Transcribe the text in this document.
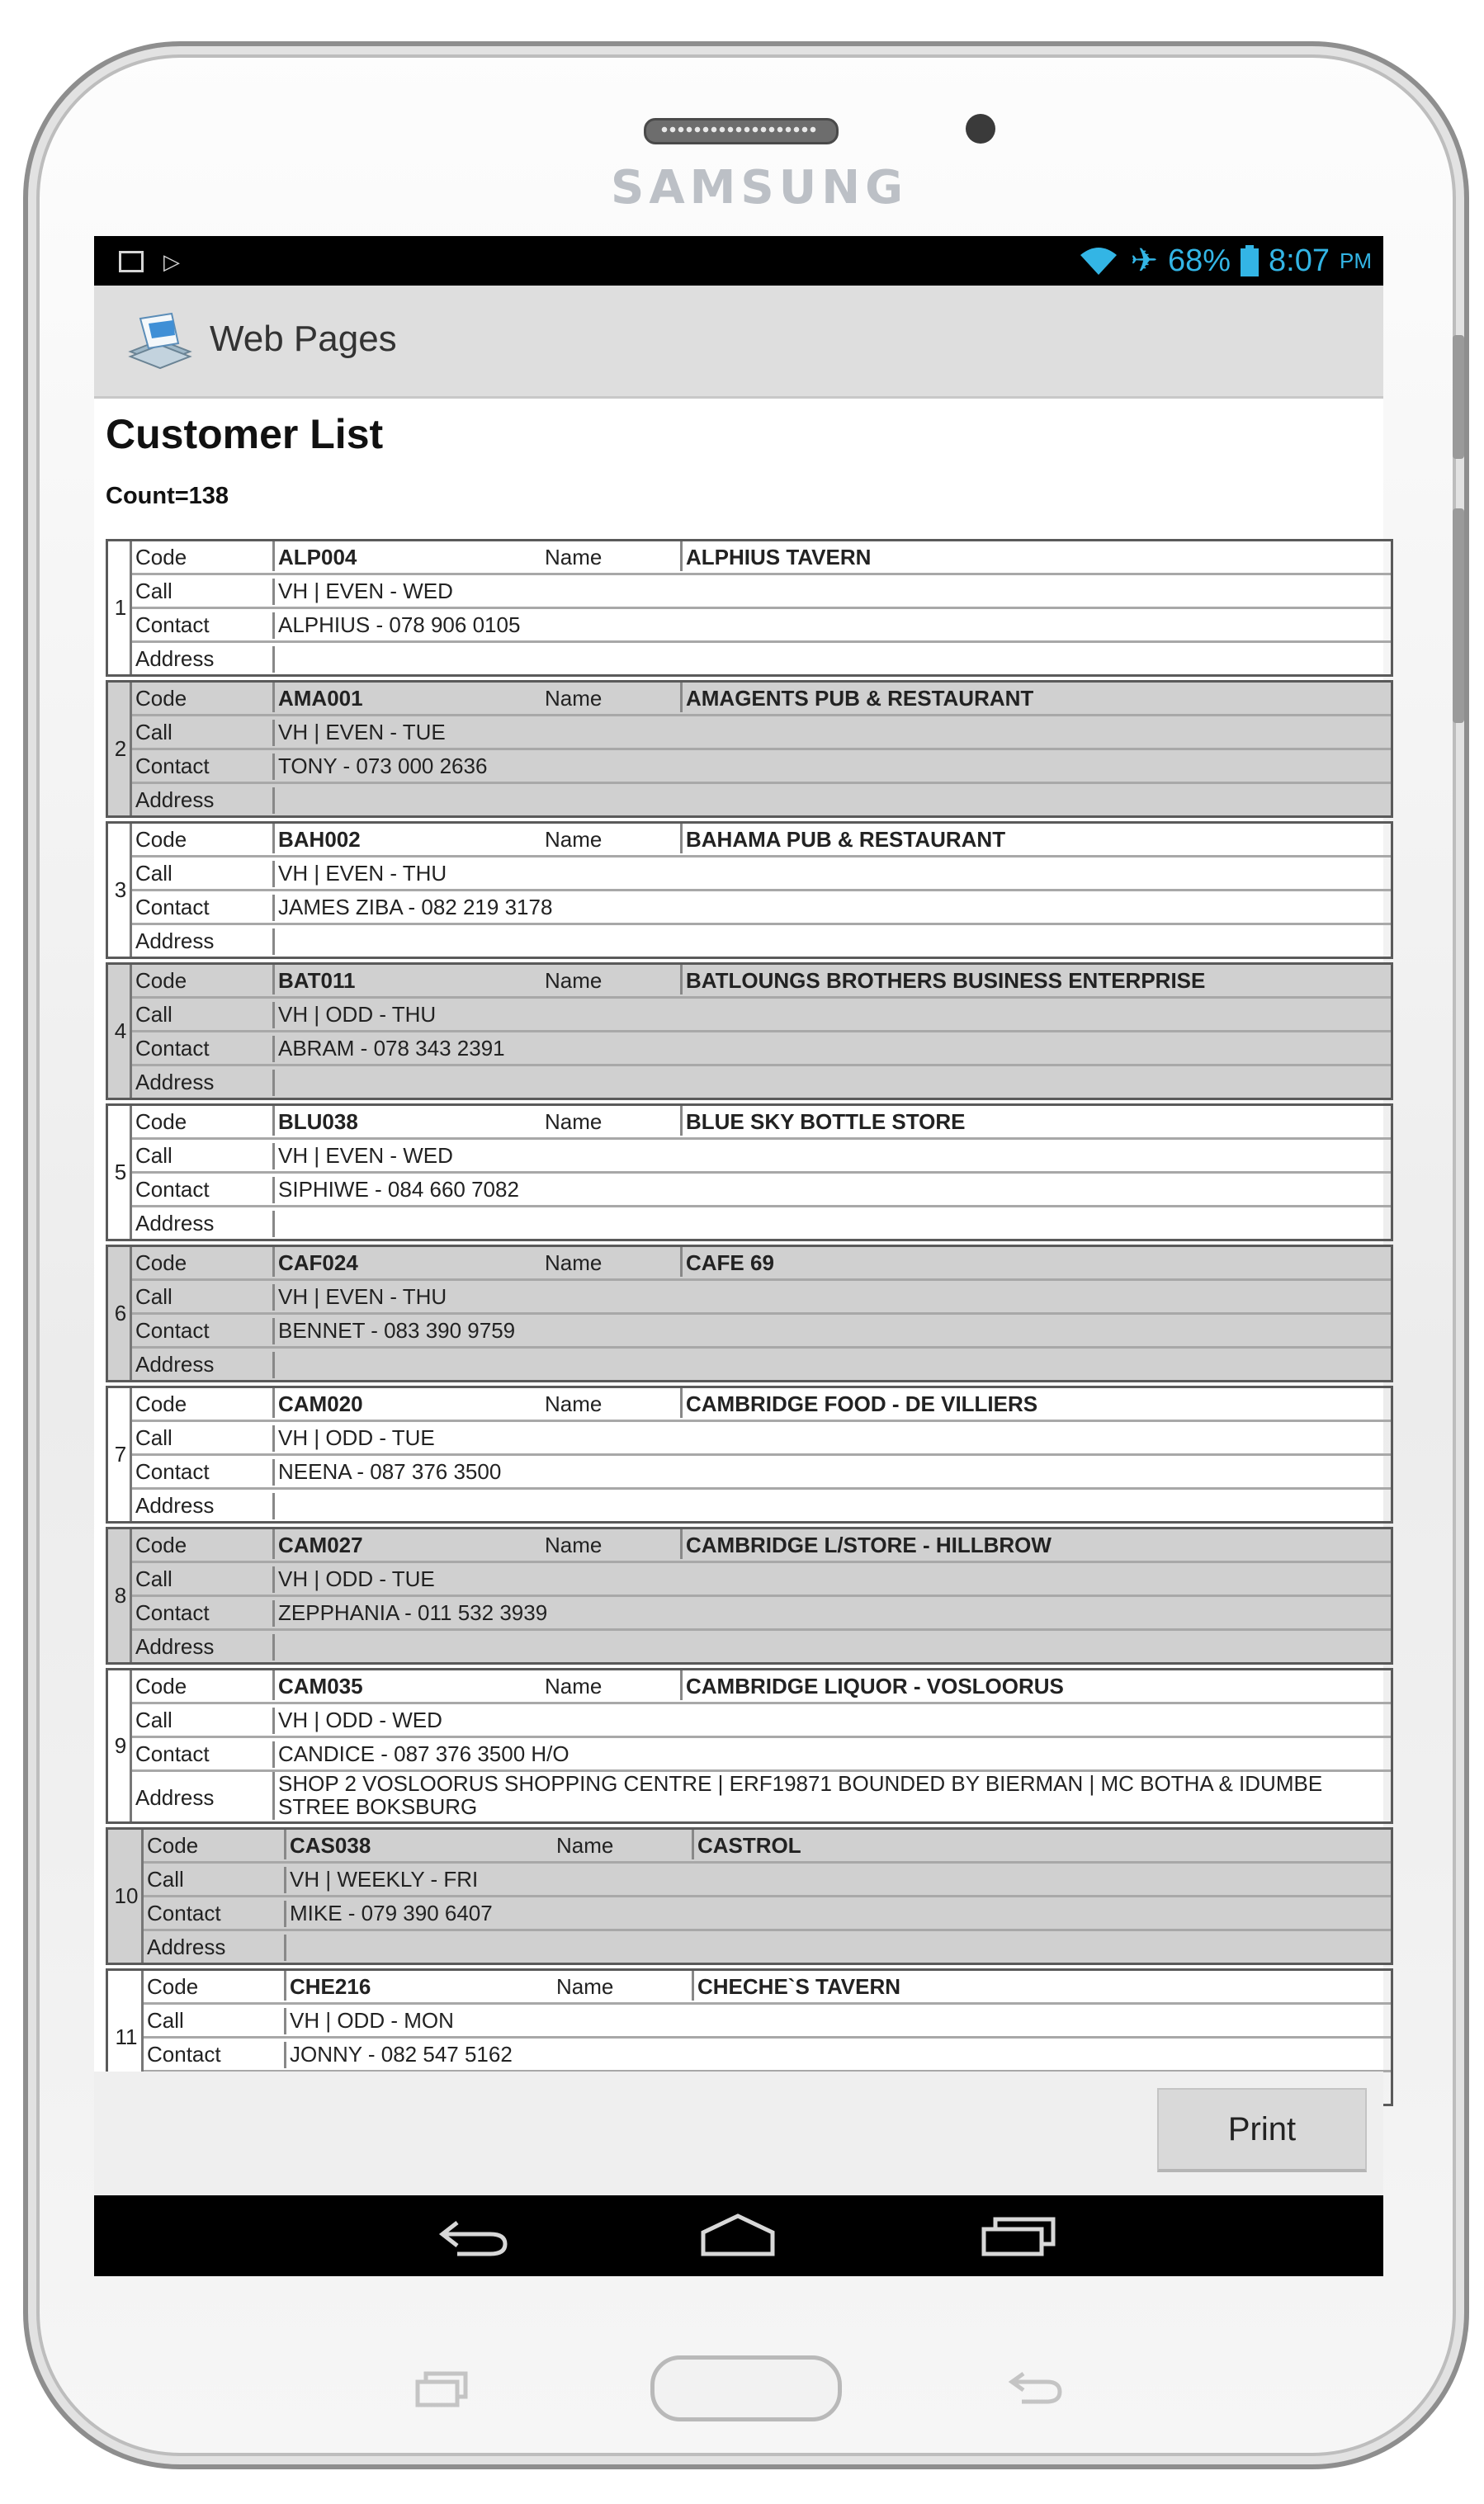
SAMSUNG
▷	✈ 68% 8:07 PM
Web Pages
Customer List
Count=138
1
Code	ALP004	Name	ALPHIUS TAVERN
Call	VH | EVEN - WED
Contact	ALPHIUS - 078 906 0105
Address
2
Code	AMA001	Name	AMAGENTS PUB & RESTAURANT
Call	VH | EVEN - TUE
Contact	TONY - 073 000 2636
Address
3
Code	BAH002	Name	BAHAMA PUB & RESTAURANT
Call	VH | EVEN - THU
Contact	JAMES ZIBA - 082 219 3178
Address
4
Code	BAT011	Name	BATLOUNGS BROTHERS BUSINESS ENTERPRISE
Call	VH | ODD - THU
Contact	ABRAM - 078 343 2391
Address
5
Code	BLU038	Name	BLUE SKY BOTTLE STORE
Call	VH | EVEN - WED
Contact	SIPHIWE - 084 660 7082
Address
6
Code	CAF024	Name	CAFE 69
Call	VH | EVEN - THU
Contact	BENNET - 083 390 9759
Address
7
Code	CAM020	Name	CAMBRIDGE FOOD - DE VILLIERS
Call	VH | ODD - TUE
Contact	NEENA - 087 376 3500
Address
8
Code	CAM027	Name	CAMBRIDGE L/STORE - HILLBROW
Call	VH | ODD - TUE
Contact	ZEPPHANIA - 011 532 3939
Address
9
Code	CAM035	Name	CAMBRIDGE LIQUOR - VOSLOORUS
Call	VH | ODD - WED
Contact	CANDICE - 087 376 3500 H/O
Address
SHOP 2 VOSLOORUS SHOPPING CENTRE | ERF19871 BOUNDED BY BIERMAN | MC BOTHA & IDUMBE STREE BOKSBURG
10
Code	CAS038	Name	CASTROL
Call	VH | WEEKLY - FRI
Contact	MIKE - 079 390 6407
Address
11
Code	CHE216	Name	CHECHE`S TAVERN
Call	VH | ODD - MON
Contact	JONNY - 082 547 5162
Print
